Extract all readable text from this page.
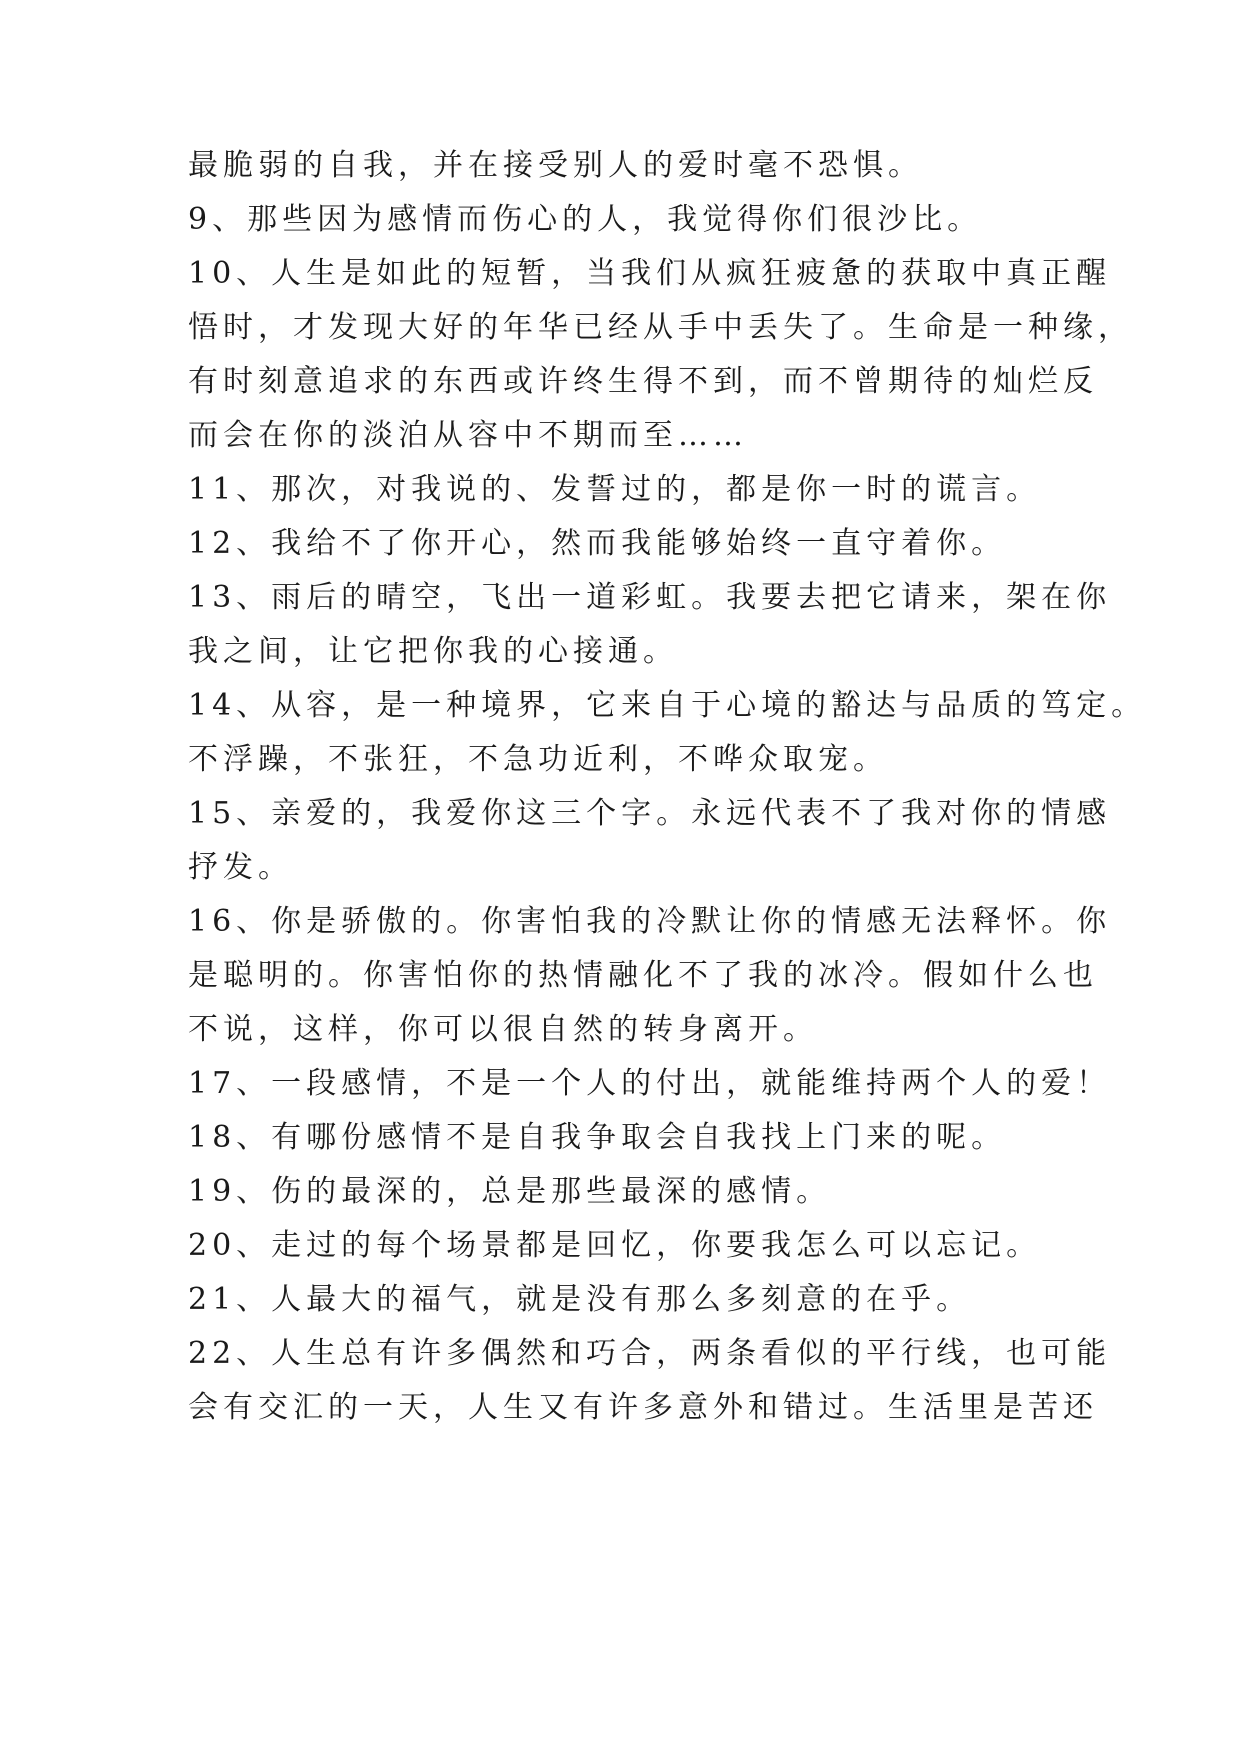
最脆弱的自我，并在接受别人的爱时毫不恐惧。

9、那些因为感情而伤心的人，我觉得你们很沙比。

10、人生是如此的短暂，当我们从疯狂疲惫的获取中真正醒

悟时，才发现大好的年华已经从手中丢失了。生命是一种缘，

有时刻意追求的东西或许终生得不到，而不曾期待的灿烂反

而会在你的淡泊从容中不期而至……

11、那次，对我说的、发誓过的，都是你一时的谎言。

12、我给不了你开心，然而我能够始终一直守着你。

13、雨后的晴空，飞出一道彩虹。我要去把它请来，架在你

我之间，让它把你我的心接通。

14、从容，是一种境界，它来自于心境的豁达与品质的笃定。

不浮躁，不张狂，不急功近利，不哗众取宠。

15、亲爱的，我爱你这三个字。永远代表不了我对你的情感

抒发。

16、你是骄傲的。你害怕我的冷默让你的情感无法释怀。你

是聪明的。你害怕你的热情融化不了我的冰冷。假如什么也

不说，这样，你可以很自然的转身离开。

17、一段感情，不是一个人的付出，就能维持两个人的爱！

18、有哪份感情不是自我争取会自我找上门来的呢。

19、伤的最深的，总是那些最深的感情。

20、走过的每个场景都是回忆，你要我怎么可以忘记。

21、人最大的福气，就是没有那么多刻意的在乎。

22、人生总有许多偶然和巧合，两条看似的平行线，也可能

会有交汇的一天，人生又有许多意外和错过。生活里是苦还
